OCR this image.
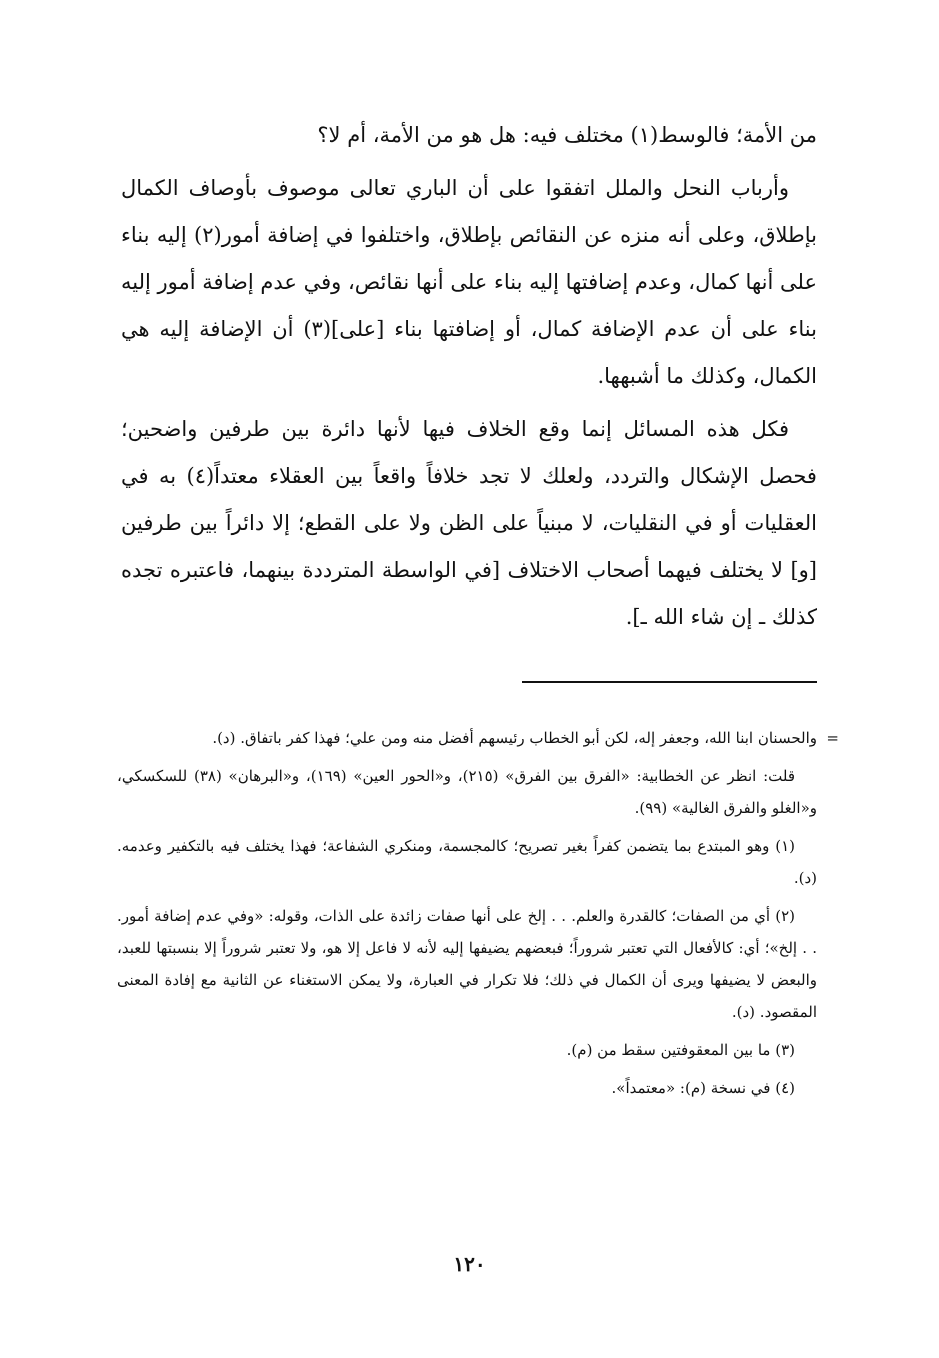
من الأمة؛ فالوسط(١) مختلف فيه: هل هو من الأمة، أم لا؟

وأرباب النحل والملل اتفقوا على أن الباري تعالى موصوف بأوصاف الكمال بإطلاق، وعلى أنه منزه عن النقائص بإطلاق، واختلفوا في إضافة أمور(٢) إليه بناء على أنها كمال، وعدم إضافتها إليه بناء على أنها نقائص، وفي عدم إضافة أمور إليه بناء على أن عدم الإضافة كمال، أو إضافتها بناء [على](٣) أن الإضافة إليه هي الكمال، وكذلك ما أشبهها.

فكل هذه المسائل إنما وقع الخلاف فيها لأنها دائرة بين طرفين واضحين؛ فحصل الإشكال والتردد، ولعلك لا تجد خلافاً واقعاً بين العقلاء معتداً(٤) به في العقليات أو في النقليات، لا مبنياً على الظن ولا على القطع؛ إلا دائراً بين طرفين [و] لا يختلف فيهما أصحاب الاختلاف [في الواسطة المترددة بينهما، فاعتبره تجده كذلك ـ إن شاء الله ـ].

=
والحسنان ابنا الله، وجعفر إله، لكن أبو الخطاب رئيسهم أفضل منه ومن علي؛ فهذا كفر باتفاق. (د).

قلت: انظر عن الخطابية: «الفرق بين الفرق» (٢١٥)، و«الحور العين» (١٦٩)، و«البرهان» (٣٨) للسكسكي، و«الغلو والفرق الغالية» (٩٩).

(١) وهو المبتدع بما يتضمن كفراً بغير تصريح؛ كالمجسمة، ومنكري الشفاعة؛ فهذا يختلف فيه بالتكفير وعدمه. (د).

(٢) أي من الصفات؛ كالقدرة والعلم. . . إلخ على أنها صفات زائدة على الذات، وقوله: «وفي عدم إضافة أمور. . . إلخ»؛ أي: كالأفعال التي تعتبر شروراً؛ فبعضهم يضيفها إليه لأنه لا فاعل إلا هو، ولا تعتبر شروراً إلا بنسبتها للعبد، والبعض لا يضيفها ويرى أن الكمال في ذلك؛ فلا تكرار في العبارة، ولا يمكن الاستغناء عن الثانية مع إفادة المعنى المقصود. (د).

(٣) ما بين المعقوفتين سقط من (م).

(٤) في نسخة (م): «معتمداً».

١٢٠
